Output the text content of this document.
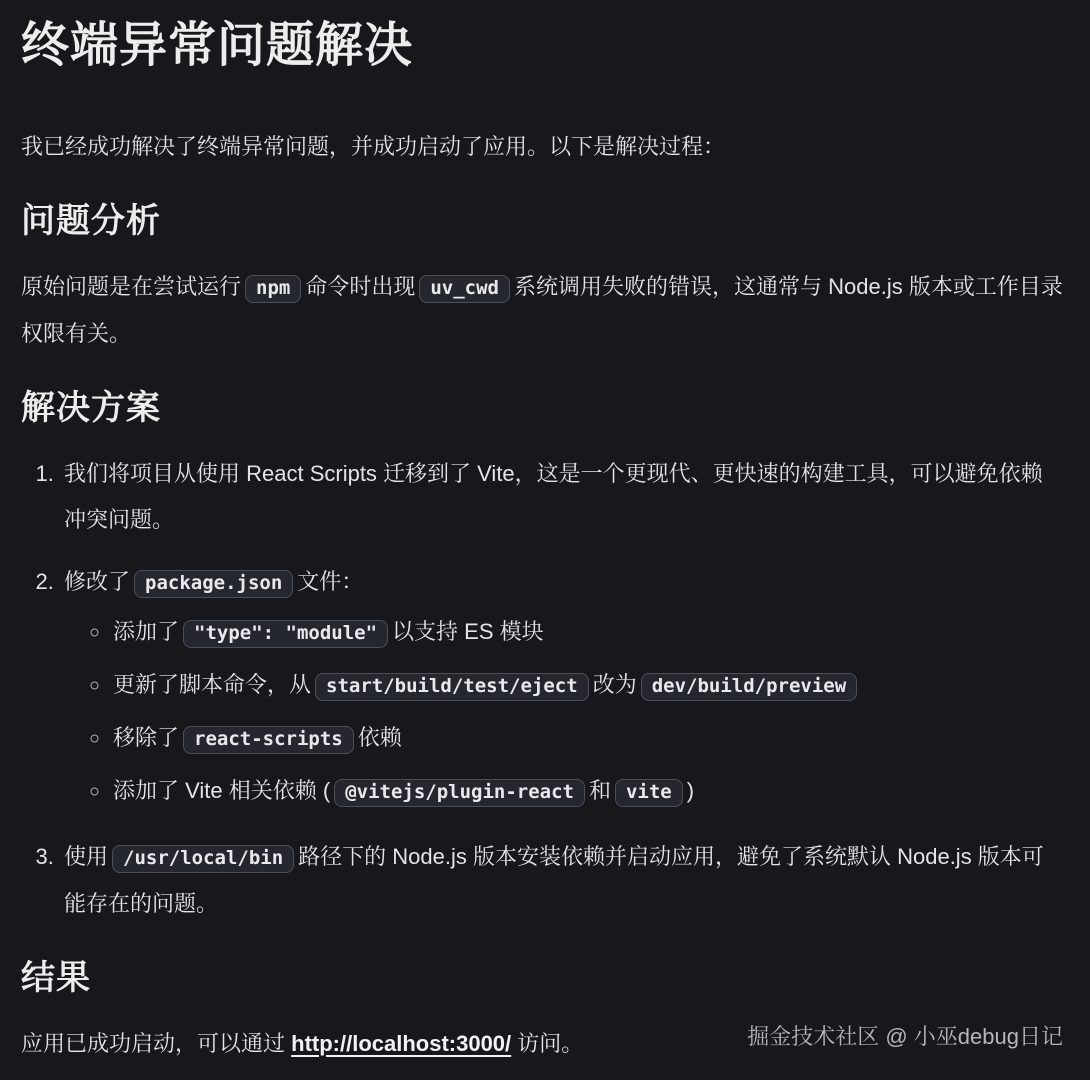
终端异常问题解决

我已经成功解决了终端异常问题，并成功启动了应用。以下是解决过程：

问题分析

原始问题是在尝试运行 npm 命令时出现 uv_cwd 系统调用失败的错误，这通常与 Node.js 版本或工作目录权限有关。

解决方案
1. 我们将项目从使用 React Scripts 迁移到了 Vite，这是一个更现代、更快速的构建工具，可以避免依赖冲突问题。
2. 修改了 package.json 文件：
◦ 添加了 "type": "module" 以支持 ES 模块
◦ 更新了脚本命令，从 start/build/test/eject 改为 dev/build/preview
◦ 移除了 react-scripts 依赖
◦ 添加了 Vite 相关依赖 ( @vitejs/plugin-react 和 vite )
3. 使用 /usr/local/bin 路径下的 Node.js 版本安装依赖并启动应用，避免了系统默认 Node.js 版本可能存在的问题。
结果

应用已成功启动，可以通过 http://localhost:3000/ 访问。	掘金技术社区 @ 小巫debug日记
